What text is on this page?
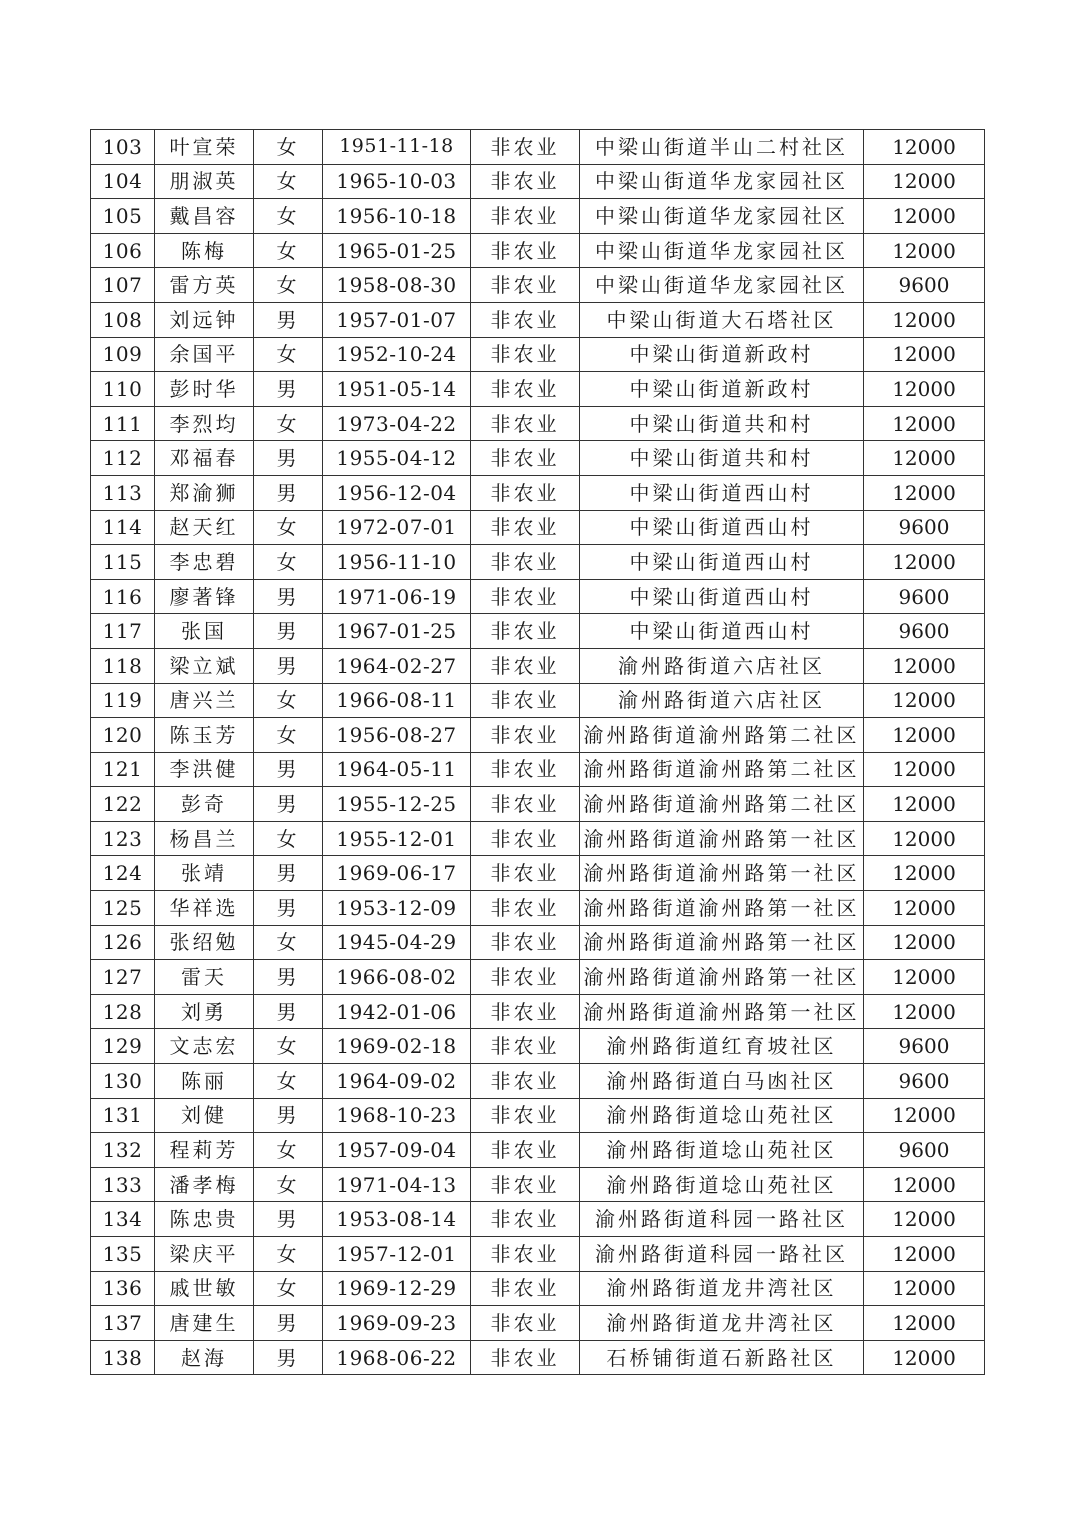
103	叶宣荣	女	1951-11-18	非农业	中梁山街道半山二村社区	12000
104	朋淑英	女	1965-10-03	非农业	中梁山街道华龙家园社区	12000
105	戴昌容	女	1956-10-18	非农业	中梁山街道华龙家园社区	12000
106	陈梅	女	1965-01-25	非农业	中梁山街道华龙家园社区	12000
107	雷方英	女	1958-08-30	非农业	中梁山街道华龙家园社区	9600
108	刘远钟	男	1957-01-07	非农业	中梁山街道大石塔社区	12000
109	余国平	女	1952-10-24	非农业	中梁山街道新政村	12000
110	彭时华	男	1951-05-14	非农业	中梁山街道新政村	12000
111	李烈均	女	1973-04-22	非农业	中梁山街道共和村	12000
112	邓福春	男	1955-04-12	非农业	中梁山街道共和村	12000
113	郑渝狮	男	1956-12-04	非农业	中梁山街道西山村	12000
114	赵天红	女	1972-07-01	非农业	中梁山街道西山村	9600
115	李忠碧	女	1956-11-10	非农业	中梁山街道西山村	12000
116	廖著锋	男	1971-06-19	非农业	中梁山街道西山村	9600
117	张国	男	1967-01-25	非农业	中梁山街道西山村	9600
118	梁立斌	男	1964-02-27	非农业	渝州路街道六店社区	12000
119	唐兴兰	女	1966-08-11	非农业	渝州路街道六店社区	12000
120	陈玉芳	女	1956-08-27	非农业	渝州路街道渝州路第二社区	12000
121	李洪健	男	1964-05-11	非农业	渝州路街道渝州路第二社区	12000
122	彭奇	男	1955-12-25	非农业	渝州路街道渝州路第二社区	12000
123	杨昌兰	女	1955-12-01	非农业	渝州路街道渝州路第一社区	12000
124	张靖	男	1969-06-17	非农业	渝州路街道渝州路第一社区	12000
125	华祥选	男	1953-12-09	非农业	渝州路街道渝州路第一社区	12000
126	张绍勉	女	1945-04-29	非农业	渝州路街道渝州路第一社区	12000
127	雷天	男	1966-08-02	非农业	渝州路街道渝州路第一社区	12000
128	刘勇	男	1942-01-06	非农业	渝州路街道渝州路第一社区	12000
129	文志宏	女	1969-02-18	非农业	渝州路街道红育坡社区	9600
130	陈丽	女	1964-09-02	非农业	渝州路街道白马凼社区	9600
131	刘健	男	1968-10-23	非农业	渝州路街道埝山苑社区	12000
132	程莉芳	女	1957-09-04	非农业	渝州路街道埝山苑社区	9600
133	潘孝梅	女	1971-04-13	非农业	渝州路街道埝山苑社区	12000
134	陈忠贵	男	1953-08-14	非农业	渝州路街道科园一路社区	12000
135	梁庆平	女	1957-12-01	非农业	渝州路街道科园一路社区	12000
136	戚世敏	女	1969-12-29	非农业	渝州路街道龙井湾社区	12000
137	唐建生	男	1969-09-23	非农业	渝州路街道龙井湾社区	12000
138	赵海	男	1968-06-22	非农业	石桥铺街道石新路社区	12000
